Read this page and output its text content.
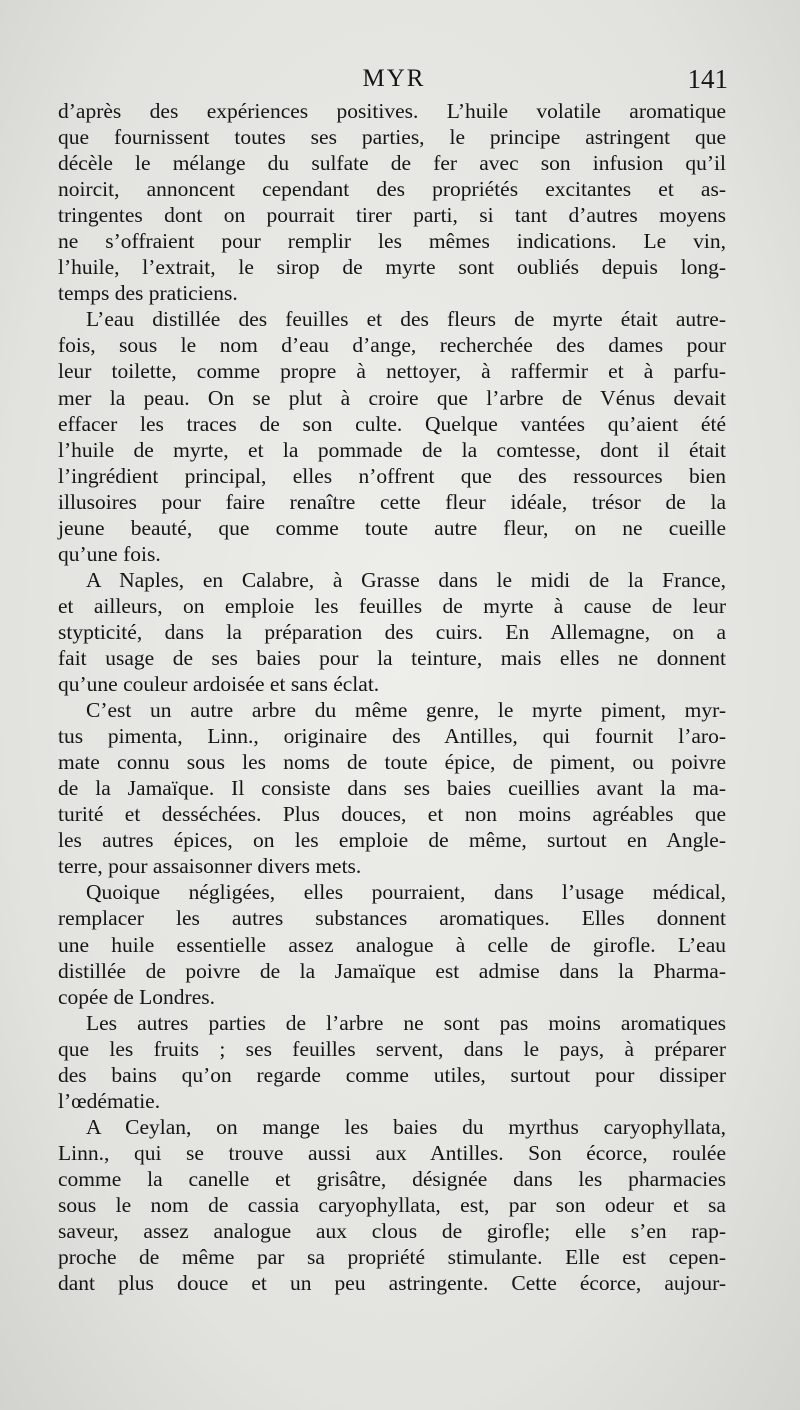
MYR	141
d’après des expériences positives. L’huile volatile aromatique
que fournissent toutes ses parties, le principe astringent que
décèle le mélange du sulfate de fer avec son infusion qu’il
noircit, annoncent cependant des propriétés excitantes et as-
tringentes dont on pourrait tirer parti, si tant d’autres moyens
ne s’offraient pour remplir les mêmes indications. Le vin,
l’huile, l’extrait, le sirop de myrte sont oubliés depuis long-
temps des praticiens.
L’eau distillée des feuilles et des fleurs de myrte était autre-
fois, sous le nom d’eau d’ange, recherchée des dames pour
leur toilette, comme propre à nettoyer, à raffermir et à parfu-
mer la peau. On se plut à croire que l’arbre de Vénus devait
effacer les traces de son culte. Quelque vantées qu’aient été
l’huile de myrte, et la pommade de la comtesse, dont il était
l’ingrédient principal, elles n’offrent que des ressources bien
illusoires pour faire renaître cette fleur idéale, trésor de la
jeune beauté, que comme toute autre fleur, on ne cueille
qu’une fois.
A Naples, en Calabre, à Grasse dans le midi de la France,
et ailleurs, on emploie les feuilles de myrte à cause de leur
stypticité, dans la préparation des cuirs. En Allemagne, on a
fait usage de ses baies pour la teinture, mais elles ne donnent
qu’une couleur ardoisée et sans éclat.
C’est un autre arbre du même genre, le myrte piment, myr-
tus pimenta, Linn., originaire des Antilles, qui fournit l’aro-
mate connu sous les noms de toute épice, de piment, ou poivre
de la Jamaïque. Il consiste dans ses baies cueillies avant la ma-
turité et desséchées. Plus douces, et non moins agréables que
les autres épices, on les emploie de même, surtout en Angle-
terre, pour assaisonner divers mets.
Quoique négligées, elles pourraient, dans l’usage médical,
remplacer les autres substances aromatiques. Elles donnent
une huile essentielle assez analogue à celle de girofle. L’eau
distillée de poivre de la Jamaïque est admise dans la Pharma-
copée de Londres.
Les autres parties de l’arbre ne sont pas moins aromatiques
que les fruits ; ses feuilles servent, dans le pays, à préparer
des bains qu’on regarde comme utiles, surtout pour dissiper
l’œdématie.
A Ceylan, on mange les baies du myrthus caryophyllata,
Linn., qui se trouve aussi aux Antilles. Son écorce, roulée
comme la canelle et grisâtre, désignée dans les pharmacies
sous le nom de cassia caryophyllata, est, par son odeur et sa
saveur, assez analogue aux clous de girofle; elle s’en rap-
proche de même par sa propriété stimulante. Elle est cepen-
dant plus douce et un peu astringente. Cette écorce, aujour-
